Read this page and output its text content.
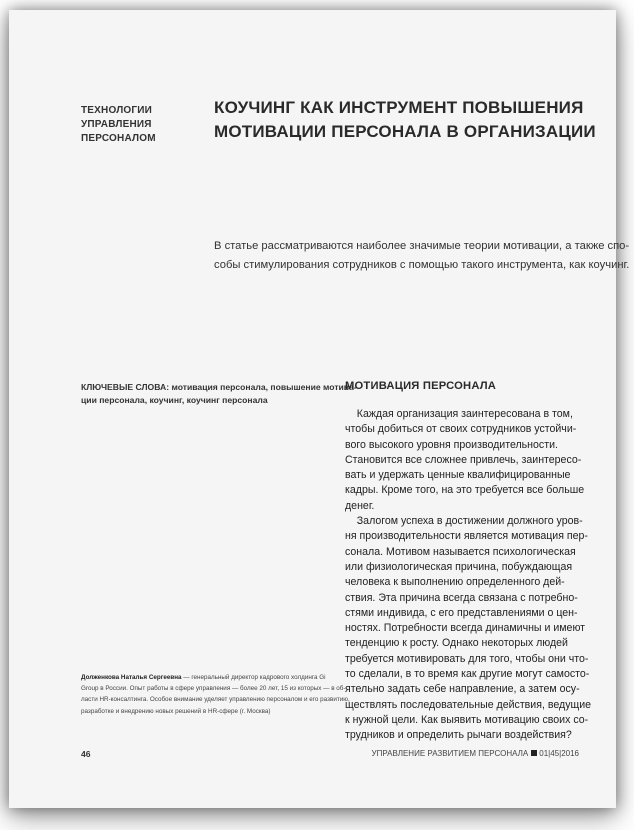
ТЕХНОЛОГИИ
УПРАВЛЕНИЯ
ПЕРСОНАЛОМ
КОУЧИНГ КАК ИНСТРУМЕНТ ПОВЫШЕНИЯ
МОТИВАЦИИ ПЕРСОНАЛА В ОРГАНИЗАЦИИ
В статье рассматриваются наиболее значимые теории мотивации, а также спо-
собы стимулирования сотрудников с помощью такого инструмента, как коучинг.
КЛЮЧЕВЫЕ СЛОВА: мотивация персонала, повышение мотива-
ции персонала, коучинг, коучинг персонала
МОТИВАЦИЯ ПЕРСОНАЛА
Каждая организация заинтересована в том,
чтобы добиться от своих сотрудников устойчи-
вого высокого уровня производительности.
Становится все сложнее привлечь, заинтересо-
вать и удержать ценные квалифицированные
кадры. Кроме того, на это требуется все больше
денег.
Залогом успеха в достижении должного уров-
ня производительности является мотивация пер-
сонала. Мотивом называется психологическая
или физиологическая причина, побуждающая
человека к выполнению определенного дей-
ствия. Эта причина всегда связана с потребно-
стями индивида, с его представлениями о цен-
ностях. Потребности всегда динамичны и имеют
тенденцию к росту. Однако некоторых людей
требуется мотивировать для того, чтобы они что-
то сделали, в то время как другие могут самосто-
ятельно задать себе направление, а затем осу-
ществлять последовательные действия, ведущие
к нужной цели. Как выявить мотивацию своих со-
трудников и определить рычаги воздействия?
Долженкова Наталья Сергеевна — генеральный директор кадрового холдинга Gi
Group в России. Опыт работы в сфере управления — более 20 лет, 15 из которых — в об-
ласти HR-консалтинга. Особое внимание уделяет управлению персоналом и его развитию,
разработке и внедрению новых решений в HR-сфере (г. Москва)
46	УПРАВЛЕНИЕ РАЗВИТИЕМ ПЕРСОНАЛА 01|45|2016
